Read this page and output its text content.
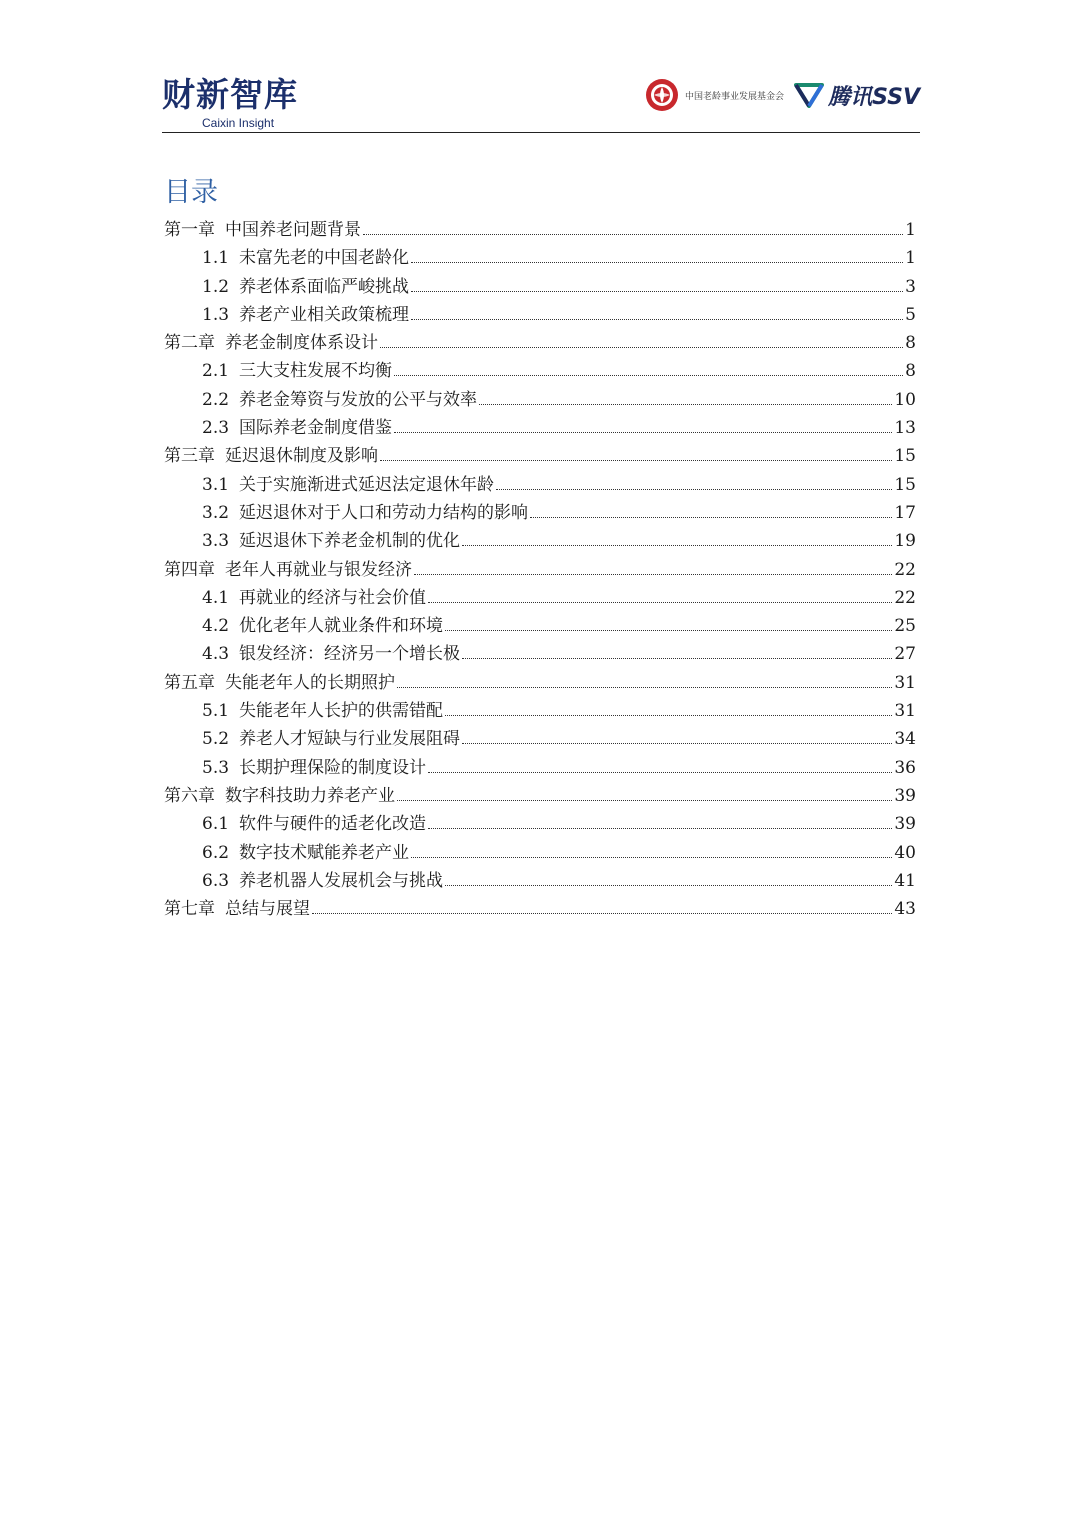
财新智库
Caixin Insight
中国老龄事业发展基金会 腾讯SSV
目录
第一章 中国养老问题背景	1
1.1 未富先老的中国老龄化	1
1.2 养老体系面临严峻挑战	3
1.3 养老产业相关政策梳理	5
第二章 养老金制度体系设计	8
2.1 三大支柱发展不均衡	8
2.2 养老金筹资与发放的公平与效率	10
2.3 国际养老金制度借鉴	13
第三章 延迟退休制度及影响	15
3.1 关于实施渐进式延迟法定退休年龄	15
3.2 延迟退休对于人口和劳动力结构的影响	17
3.3 延迟退休下养老金机制的优化	19
第四章 老年人再就业与银发经济	22
4.1 再就业的经济与社会价值	22
4.2 优化老年人就业条件和环境	25
4.3 银发经济：经济另一个增长极	27
第五章 失能老年人的长期照护	31
5.1 失能老年人长护的供需错配	31
5.2 养老人才短缺与行业发展阻碍	34
5.3 长期护理保险的制度设计	36
第六章 数字科技助力养老产业	39
6.1 软件与硬件的适老化改造	39
6.2 数字技术赋能养老产业	40
6.3 养老机器人发展机会与挑战	41
第七章 总结与展望	43
